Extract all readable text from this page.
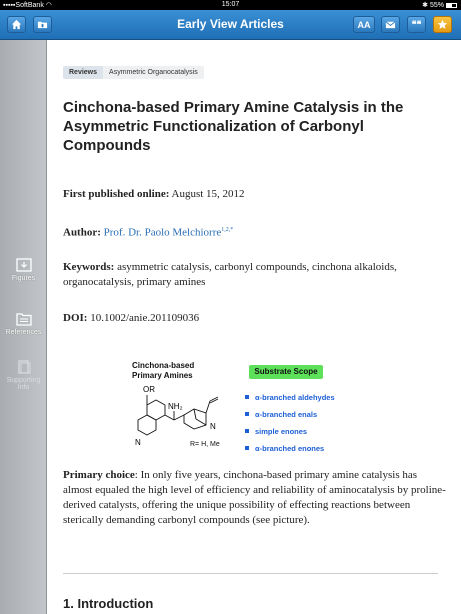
▪▪▪▪▪SoftBank ◠	15:07	✱ 55%
Early View Articles	AA	❝❝
Figures
References
Supporting Info
Reviews	Asymmetric Organocatalysis
Cinchona-based Primary Amine Catalysis in the Asymmetric Functionalization of Carbonyl Compounds
First published online: August 15, 2012
Author: Prof. Dr. Paolo Melchiorre$^{1,2,*}$
Keywords: asymmetric catalysis, carbonyl compounds, cinchona alkaloids, organocatalysis, primary amines
DOI: 10.1002/anie.201109036
Cinchona-based
Primary Amines	Substrate Scope
OR
NH₂
N
N
R= H, Me
α-branched aldehydes
α-branched enals
simple enones
α-branched enones
Primary choice: In only five years, cinchona-based primary amine catalysis has almost equaled the high level of efficiency and reliability of aminocatalysis by proline-derived catalysts, offering the unique possibility of effecting reactions between sterically demanding carbonyl compounds (see picture).
1. Introduction
